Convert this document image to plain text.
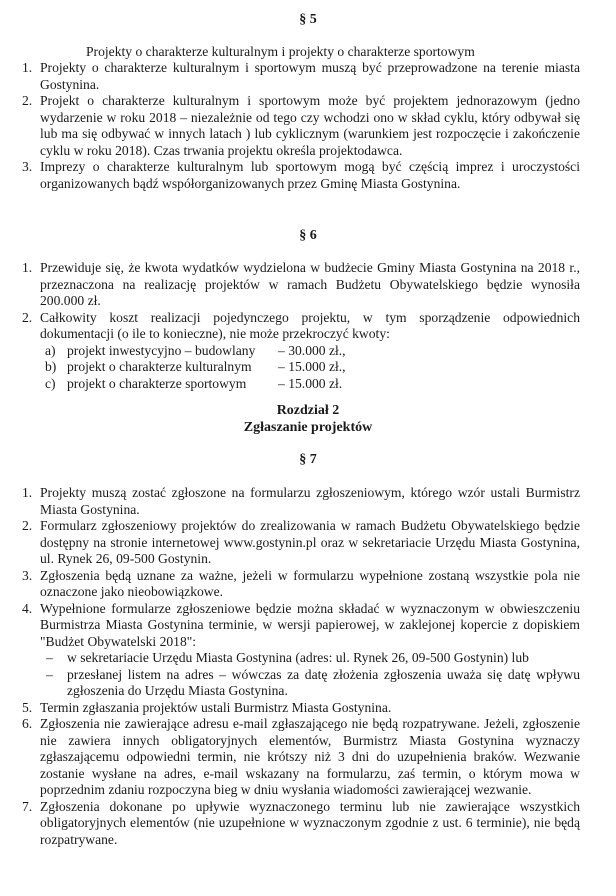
§ 5
Projekty o charakterze kulturalnym i projekty o charakterze sportowym
1. Projekty o charakterze kulturalnym i sportowym muszą być przeprowadzone na terenie miasta Gostynina.
2. Projekt o charakterze kulturalnym i sportowym może być projektem jednorazowym (jedno wydarzenie w roku 2018 – niezależnie od tego czy wchodzi ono w skład cyklu, który odbywał się lub ma się odbywać w innych latach ) lub cyklicznym (warunkiem jest rozpoczęcie i zakończenie cyklu w roku 2018). Czas trwania projektu określa projektodawca.
3. Imprezy o charakterze kulturalnym lub sportowym mogą być częścią imprez i uroczystości organizowanych bądź współorganizowanych przez Gminę Miasta Gostynina.
§ 6
1. Przewiduje się, że kwota wydatków wydzielona w budżecie Gminy Miasta Gostynina na 2018 r., przeznaczona na realizację projektów w ramach Budżetu Obywatelskiego będzie wynosiła 200.000 zł.
2. Całkowity koszt realizacji pojedynczego projektu, w tym sporządzenie odpowiednich dokumentacji (o ile to konieczne), nie może przekroczyć kwoty:
a) projekt inwestycyjno – budowlany – 30.000 zł.,
b) projekt o charakterze kulturalnym – 15.000 zł.,
c) projekt o charakterze sportowym – 15.000 zł.
Rozdział 2
Zgłaszanie projektów
§ 7
1. Projekty muszą zostać zgłoszone na formularzu zgłoszeniowym, którego wzór ustali Burmistrz Miasta Gostynina.
2. Formularz zgłoszeniowy projektów do zrealizowania w ramach Budżetu Obywatelskiego będzie dostępny na stronie internetowej www.gostynin.pl oraz w sekretariacie Urzędu Miasta Gostynina, ul. Rynek 26, 09-500 Gostynin.
3. Zgłoszenia będą uznane za ważne, jeżeli w formularzu wypełnione zostaną wszystkie pola nie oznaczone jako nieobowiązkowe.
4. Wypełnione formularze zgłoszeniowe będzie można składać w wyznaczonym w obwieszczeniu Burmistrza Miasta Gostynina terminie, w wersji papierowej, w zaklejonej kopercie z dopiskiem "Budżet Obywatelski 2018":
– w sekretariacie Urzędu Miasta Gostynina (adres: ul. Rynek 26, 09-500 Gostynin) lub
– przesłanej listem na adres – wówczas za datę złożenia zgłoszenia uważa się datę wpływu zgłoszenia do Urzędu Miasta Gostynina.
5. Termin zgłaszania projektów ustali Burmistrz Miasta Gostynina.
6. Zgłoszenia nie zawierające adresu e-mail zgłaszającego nie będą rozpatrywane. Jeżeli, zgłoszenie nie zawiera innych obligatoryjnych elementów, Burmistrz Miasta Gostynina wyznaczy zgłaszającemu odpowiedni termin, nie krótszy niż 3 dni do uzupełnienia braków. Wezwanie zostanie wysłane na adres, e-mail wskazany na formularzu, zaś termin, o którym mowa w poprzednim zdaniu rozpoczyna bieg w dniu wysłania wiadomości zawierającej wezwanie.
7. Zgłoszenia dokonane po upływie wyznaczonego terminu lub nie zawierające wszystkich obligatoryjnych elementów (nie uzupełnione w wyznaczonym zgodnie z ust. 6 terminie), nie będą rozpatrywane.
